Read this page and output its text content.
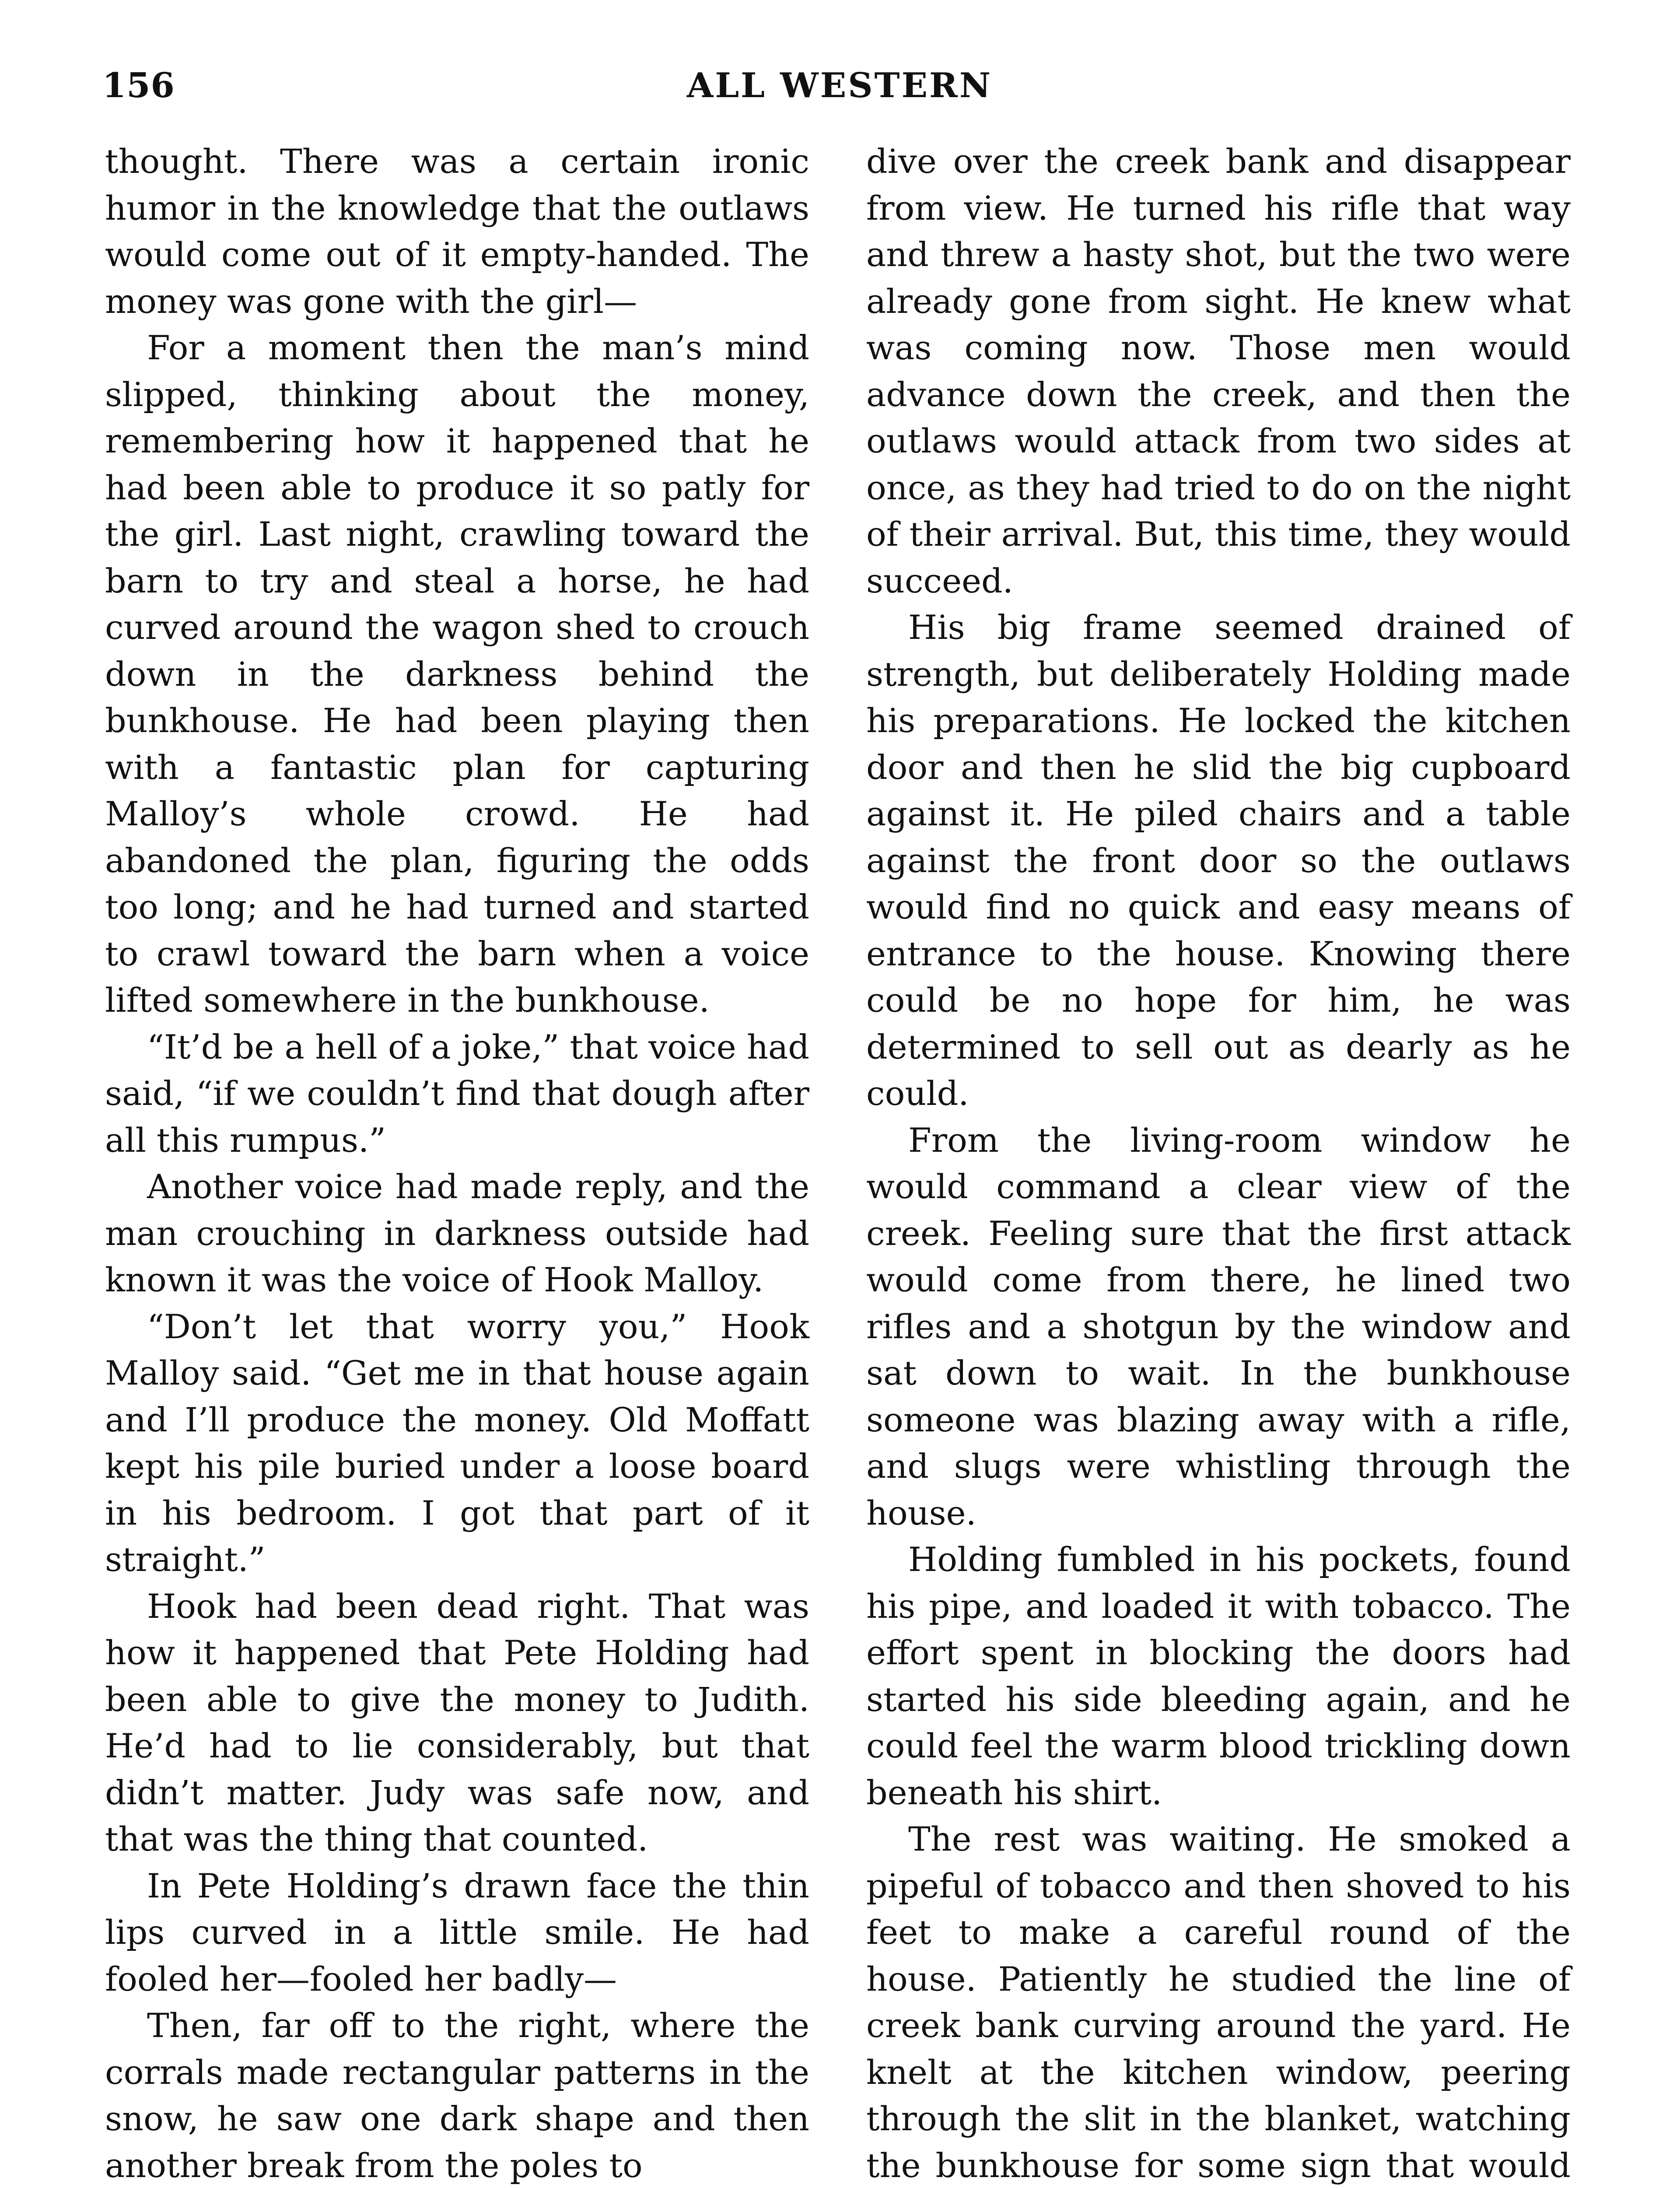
156	ALL WESTERN

thought. There was a certain ironic humor in the knowledge that the outlaws would come out of it empty-handed. The money was gone with the girl—

For a moment then the man’s mind slipped, thinking about the money, remembering how it happened that he had been able to produce it so patly for the girl. Last night, crawling toward the barn to try and steal a horse, he had curved around the wagon shed to crouch down in the darkness behind the bunkhouse. He had been playing then with a fantastic plan for capturing Malloy’s whole crowd. He had abandoned the plan, figuring the odds too long; and he had turned and started to crawl toward the barn when a voice lifted somewhere in the bunkhouse.

“It’d be a hell of a joke,” that voice had said, “if we couldn’t find that dough after all this rumpus.”

Another voice had made reply, and the man crouching in darkness outside had known it was the voice of Hook Malloy.

“Don’t let that worry you,” Hook Malloy said. “Get me in that house again and I’ll produce the money. Old Moffatt kept his pile buried under a loose board in his bedroom. I got that part of it straight.”

Hook had been dead right. That was how it happened that Pete Holding had been able to give the money to Judith. He’d had to lie considerably, but that didn’t matter. Judy was safe now, and that was the thing that counted.

In Pete Holding’s drawn face the thin lips curved in a little smile. He had fooled her—fooled her badly—

Then, far off to the right, where the corrals made rectangular patterns in the snow, he saw one dark shape and then another break from the poles to

dive over the creek bank and disappear from view. He turned his rifle that way and threw a hasty shot, but the two were already gone from sight. He knew what was coming now. Those men would advance down the creek, and then the outlaws would attack from two sides at once, as they had tried to do on the night of their arrival. But, this time, they would succeed.

His big frame seemed drained of strength, but deliberately Holding made his preparations. He locked the kitchen door and then he slid the big cupboard against it. He piled chairs and a table against the front door so the outlaws would find no quick and easy means of entrance to the house. Knowing there could be no hope for him, he was determined to sell out as dearly as he could.

From the living-room window he would command a clear view of the creek. Feeling sure that the first attack would come from there, he lined two rifles and a shotgun by the window and sat down to wait. In the bunkhouse someone was blazing away with a rifle, and slugs were whistling through the house.

Holding fumbled in his pockets, found his pipe, and loaded it with tobacco. The effort spent in blocking the doors had started his side bleeding again, and he could feel the warm blood trickling down beneath his shirt.

The rest was waiting. He smoked a pipeful of tobacco and then shoved to his feet to make a careful round of the house. Patiently he studied the line of creek bank curving around the yard. He knelt at the kitchen window, peering through the slit in the blanket, watching the bunkhouse for some sign that would
